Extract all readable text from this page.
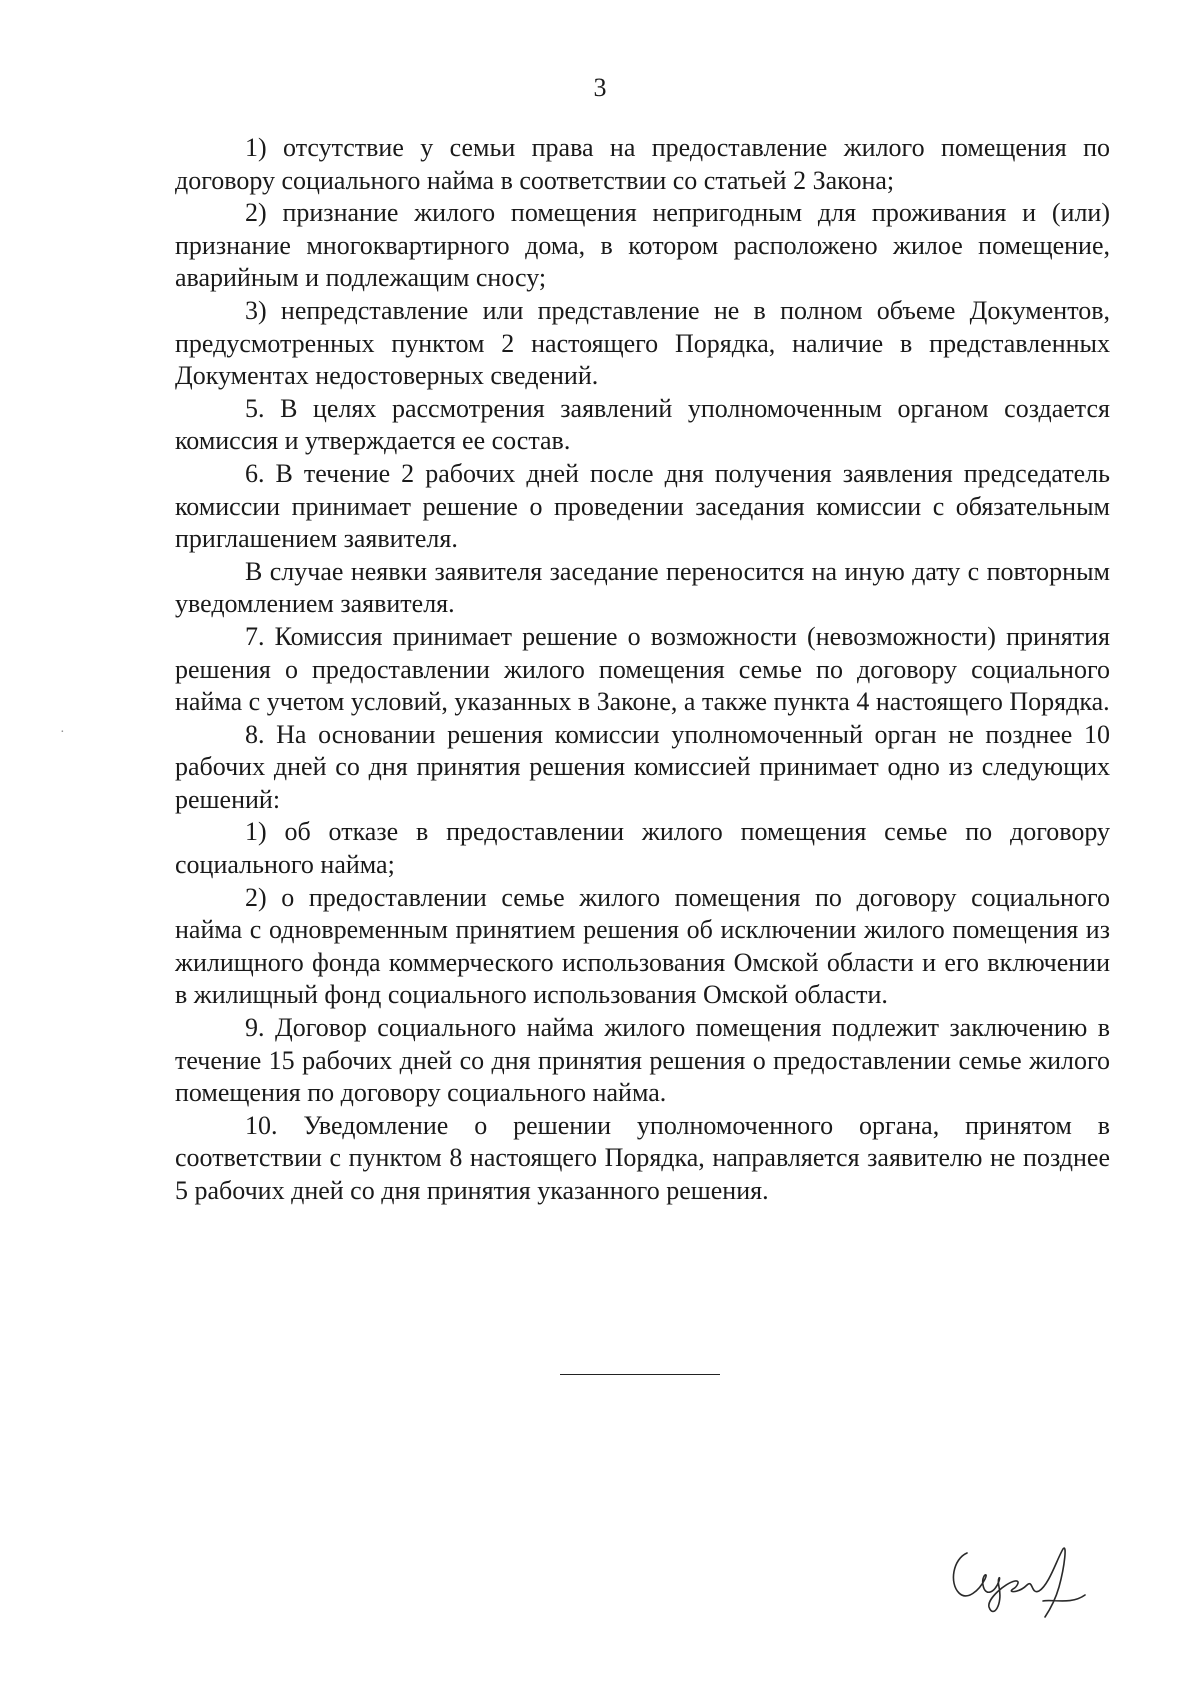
3

1) отсутствие у семьи права на предоставление жилого помещения по договору социального найма в соответствии со статьей 2 Закона;

2) признание жилого помещения непригодным для проживания и (или) признание многоквартирного дома, в котором расположено жилое помещение, аварийным и подлежащим сносу;

3) непредставление или представление не в полном объеме Документов, предусмотренных пунктом 2 настоящего Порядка, наличие в представленных Документах недостоверных сведений.

5. В целях рассмотрения заявлений уполномоченным органом создается комиссия и утверждается ее состав.

6. В течение 2 рабочих дней после дня получения заявления председатель комиссии принимает решение о проведении заседания комиссии с обязательным приглашением заявителя.

В случае неявки заявителя заседание переносится на иную дату с повторным уведомлением заявителя.

7. Комиссия принимает решение о возможности (невозможности) принятия решения о предоставлении жилого помещения семье по договору социального найма с учетом условий, указанных в Законе, а также пункта 4 настоящего Порядка.

8. На основании решения комиссии уполномоченный орган не позднее 10 рабочих дней со дня принятия решения комиссией принимает одно из следующих решений:

1) об отказе в предоставлении жилого помещения семье по договору социального найма;

2) о предоставлении семье жилого помещения по договору социального найма с одновременным принятием решения об исключении жилого помещения из жилищного фонда коммерческого использования Омской области и его включении в жилищный фонд социального использования Омской области.

9. Договор социального найма жилого помещения подлежит заключению в течение 15 рабочих дней со дня принятия решения о предоставлении семье жилого помещения по договору социального найма.

10. Уведомление о решении уполномоченного органа, принятом в соответствии с пунктом 8 настоящего Порядка, направляется заявителю не позднее 5 рабочих дней со дня принятия указанного решения.

·
